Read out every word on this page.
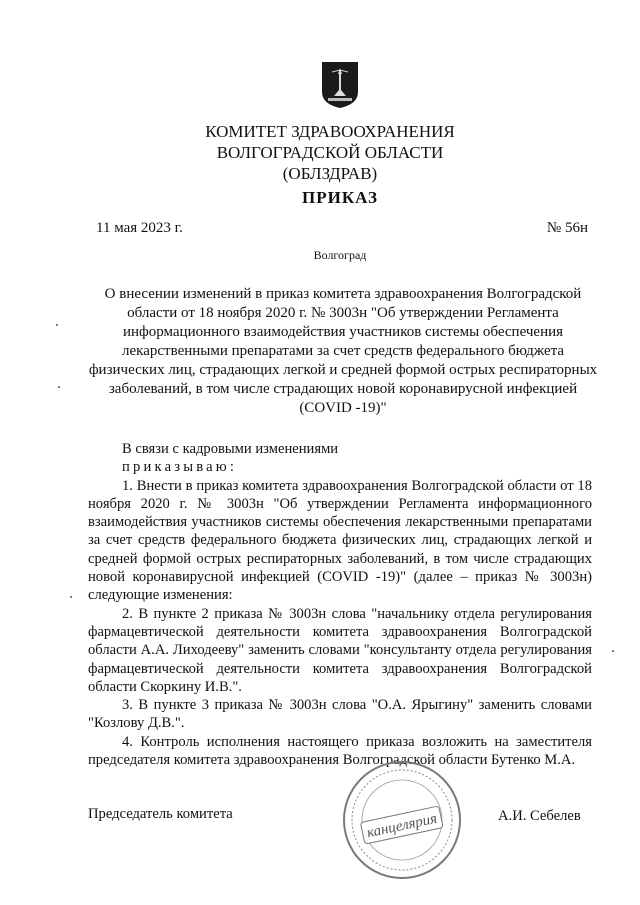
КОМИТЕТ ЗДРАВООХРАНЕНИЯ
ВОЛГОГРАДСКОЙ ОБЛАСТИ
(ОБЛЗДРАВ)
ПРИКАЗ
11 мая 2023 г.	№ 56н
Волгоград
О внесении изменений в приказ комитета здравоохранения Волгоградской области от 18 ноября 2020 г. № 3003н "Об утверждении Регламента информационного взаимодействия участников системы обеспечения лекарственными препаратами за счет средств федерального бюджета физических лиц, страдающих легкой и средней формой острых респираторных заболеваний, в том числе страдающих новой коронавирусной инфекцией (COVID -19)"

В связи с кадровыми изменениями

приказываю:

1. Внести в приказ комитета здравоохранения Волгоградской области от 18 ноября 2020 г. № 3003н "Об утверждении Регламента информационного взаимодействия участников системы обеспечения лекарственными препаратами за счет средств федерального бюджета физических лиц, страдающих легкой и средней формой острых респираторных заболеваний, в том числе страдающих новой коронавирусной инфекцией (COVID -19)" (далее – приказ № 3003н) следующие изменения:

2. В пункте 2 приказа № 3003н слова "начальнику отдела регулирования фармацевтической деятельности комитета здравоохранения Волгоградской области А.А. Лиходееву" заменить словами "консультанту отдела регулирования фармацевтической деятельности комитета здравоохранения Волгоградской области Скоркину И.В.".

3. В пункте 3 приказа № 3003н слова "О.А. Ярыгину" заменить словами "Козлову Д.В.".

4. Контроль исполнения настоящего приказа возложить на заместителя председателя комитета здравоохранения Волгоградской области Бутенко М.А.

Председатель комитета	А.И. Себелев
канцелярия
